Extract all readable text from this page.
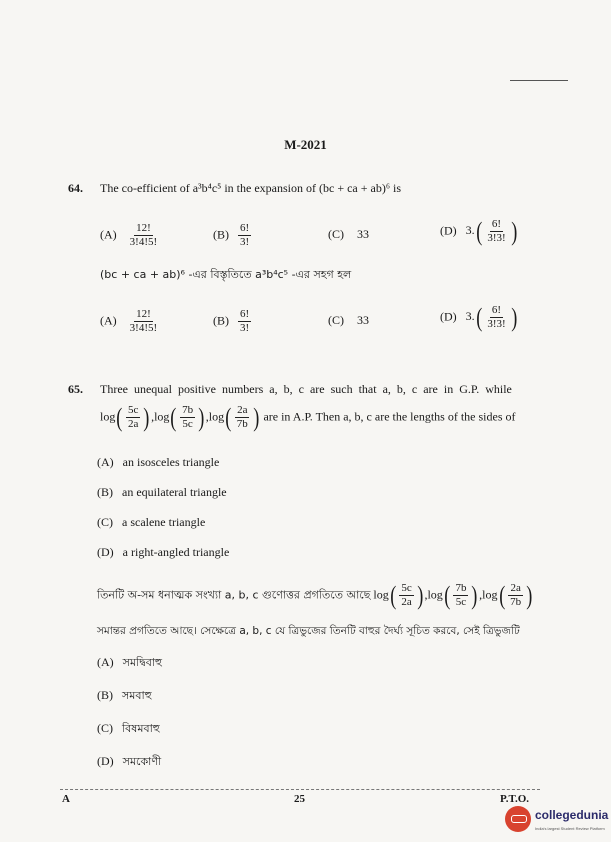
M-2021
64. The co-efficient of a³b⁴c⁵ in the expansion of (bc + ca + ab)⁶ is
$(A) \frac{12!}{3!4!5!}$	$(B) \frac{6!}{3!}$	(C) 33	(D) 3. ( $\frac{6!}{3!3!}$
)
(bc + ca + ab)⁶ -এর বিস্তৃতিতে a³b⁴c⁵ -এর সহগ হল
$(A) \frac{12!}{3!4!5!}$	$(B) \frac{6!}{3!}$	(C) 33	(D) 3. ( $\frac{6!}{3!3!}$
)
65. Three unequal positive numbers a, b, c are such that a, b, c are in G.P. while
log ( $\frac{5c}{2a}$
) ,log ( $\frac{7b}{5c}$
) ,log ( $\frac{2a}{7b}$
) are in A.P. Then a, b, c are the lengths of the sides of
(A) an isosceles triangle
(B) an equilateral triangle
(C) a scalene triangle
(D) a right-angled triangle
তিনটি অ-সম ধনাত্মক সংখ্যা a, b, c গুণোত্তর প্রগতিতে আছে log ( $\frac{5c}{2a}$
) ,log ( $\frac{7b}{5c}$
) ,log ( $\frac{2a}{7b}$
)
সমান্তর প্রগতিতে আছে। সেক্ষেত্রে a, b, c যে ত্রিভুজের তিনটি বাহুর দৈর্ঘ্য সূচিত করবে, সেই ত্রিভুজটি
(A) সমদ্বিবাহু
(B) সমবাহু
(C) বিষমবাহু
(D) সমকোণী
A	25	P.T.O.
collegedunia
India's largest Student Review Platform
